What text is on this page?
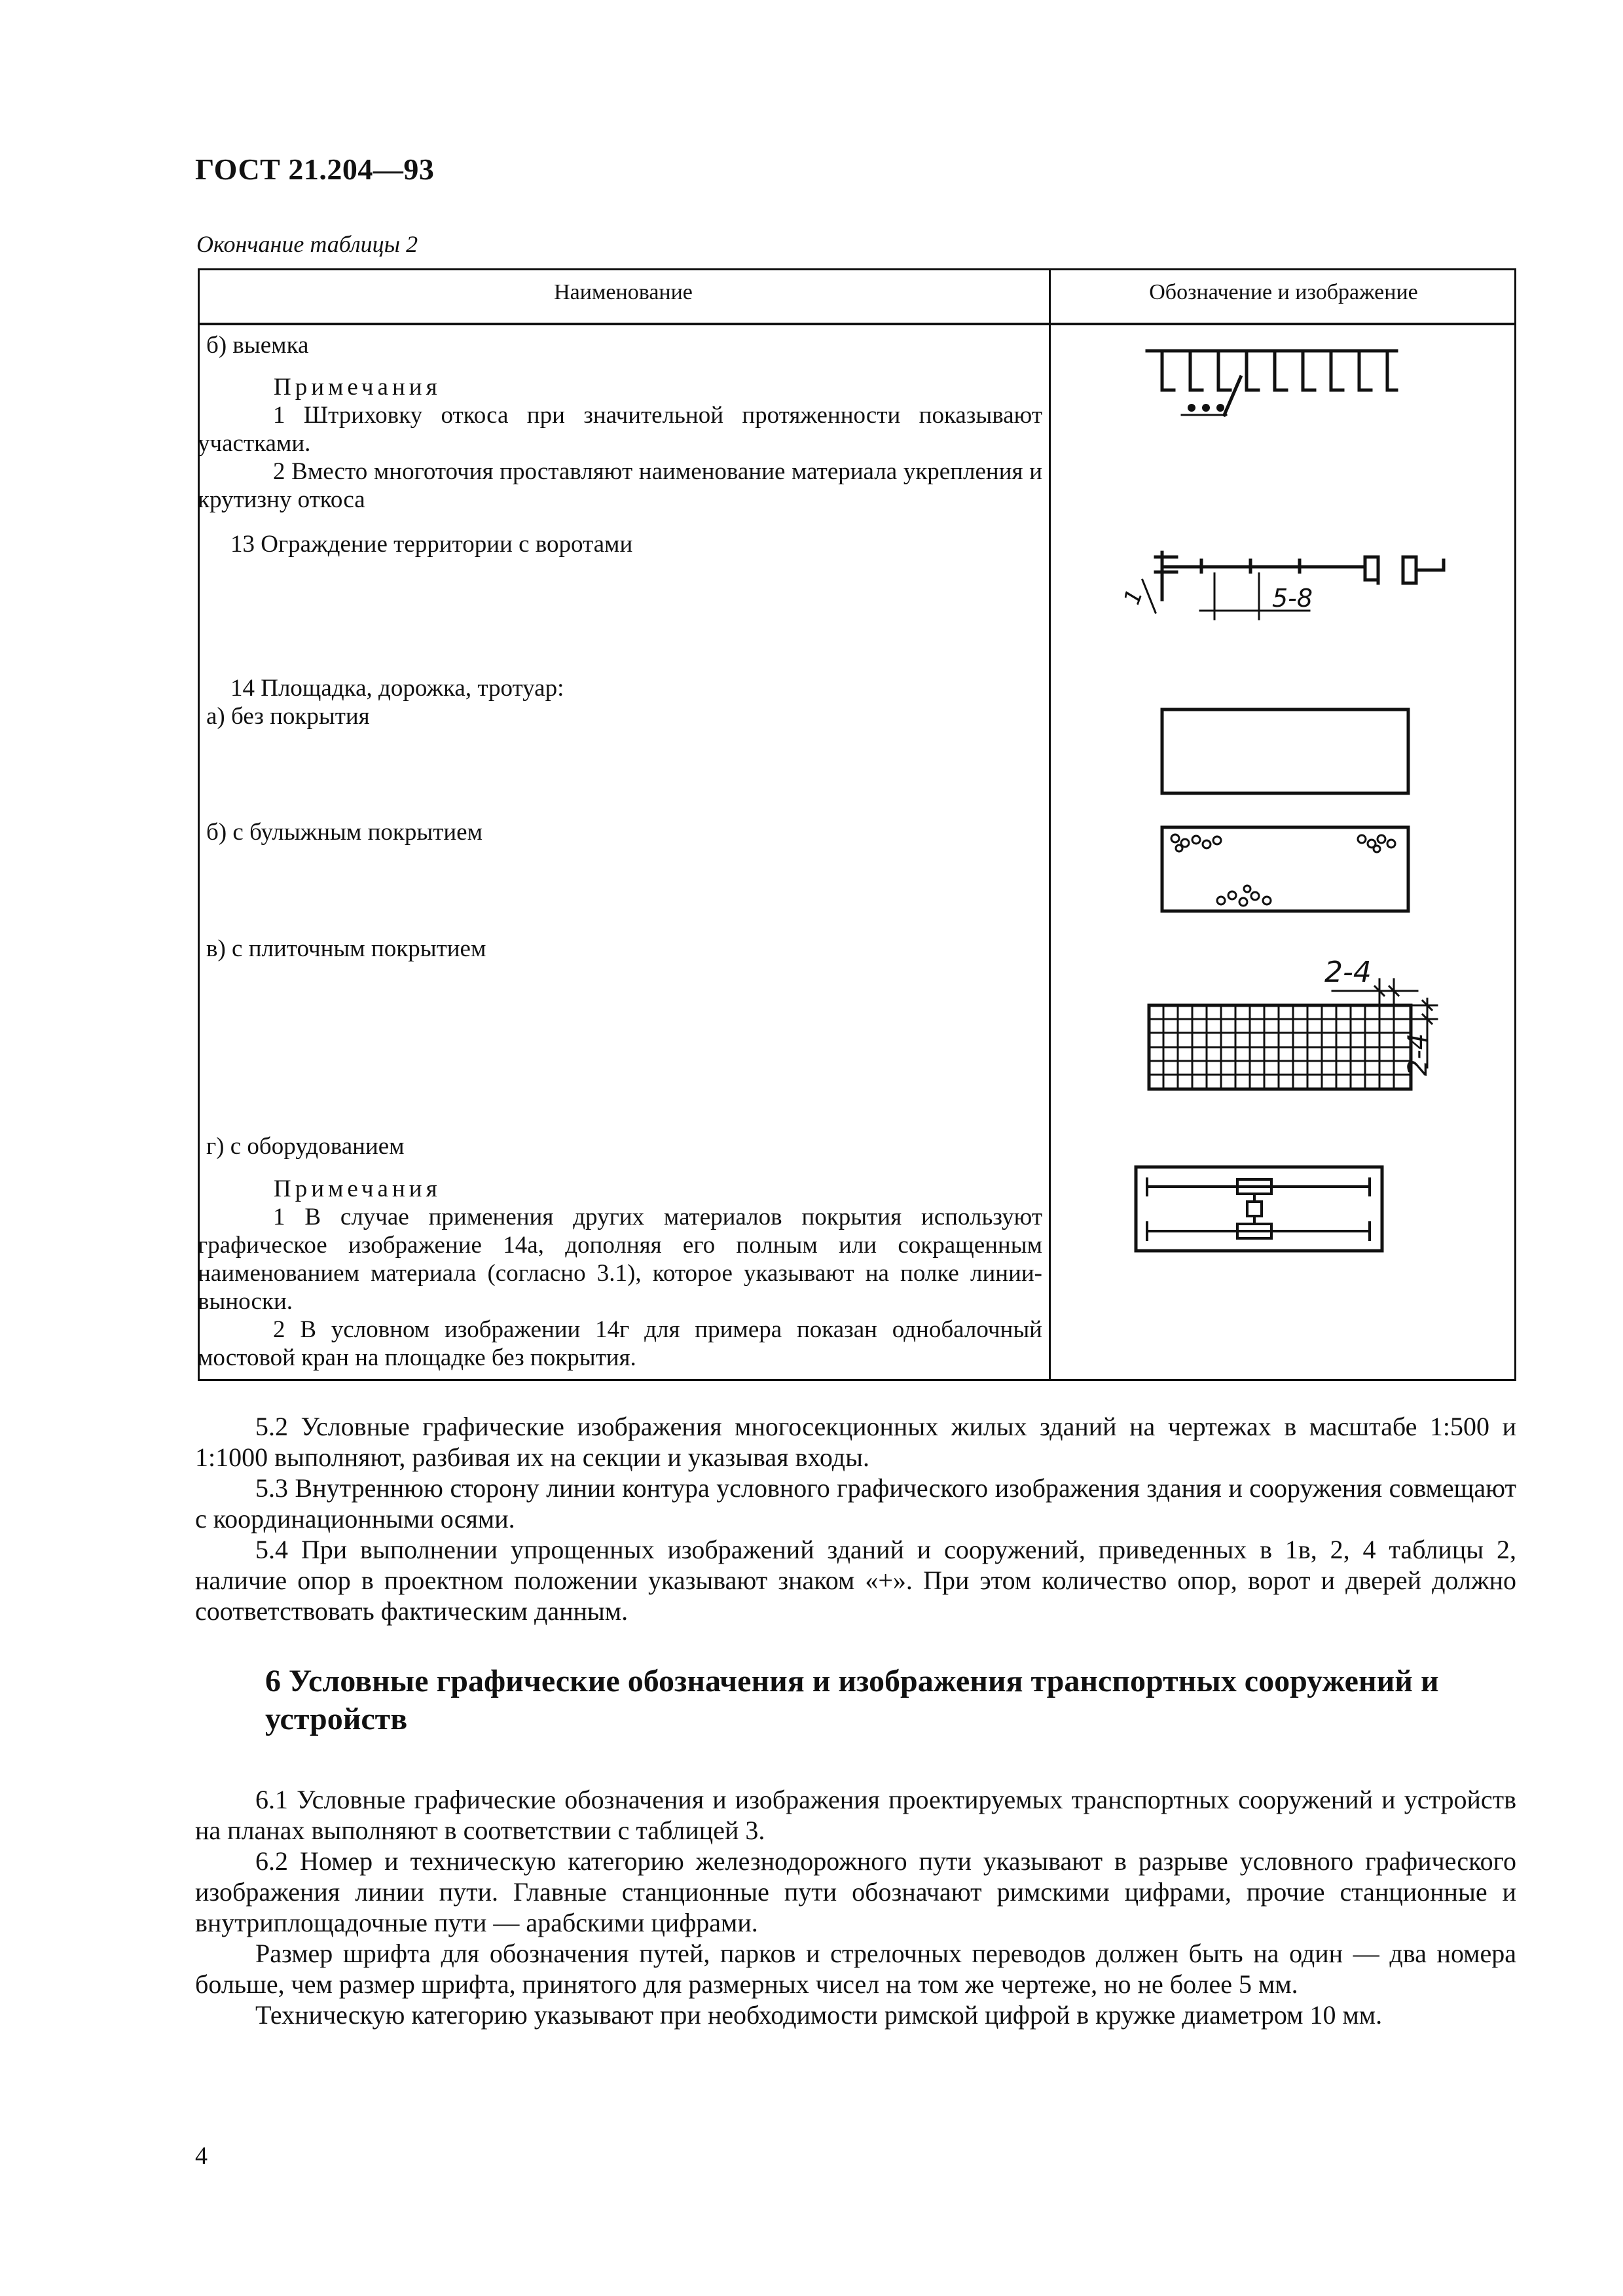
ГОСТ 21.204—93
Окончание таблицы 2
Наименование	Обозначение и изображение
б) выемка
Примечания
1 Штриховку откоса при значительной протяженности показывают участками.
2 Вместо многоточия проставляют наименование материала укрепления и крутизну откоса
13 Ограждение территории с воротами
14 Площадка, дорожка, тротуар:
а) без покрытия
б) с булыжным покрытием
в) с плиточным покрытием
г) с оборудованием
Примечания
1 В случае применения других материалов покрытия используют графическое изображение 14а, дополняя его полным или сокращенным наименованием материала (согласно 3.1), которое указывают на полке линии-выноски.
2 В условном изображении 14г для примера показан однобалочный мостовой кран на площадке без покрытия.
1	5-8
2-4
2-4

5.2 Условные графические изображения многосекционных жилых зданий на чертежах в масштабе 1:500 и 1:1000 выполняют, разбивая их на секции и указывая входы.

5.3 Внутреннюю сторону линии контура условного графического изображения здания и сооружения совмещают с координационными осями.

5.4 При выполнении упрощенных изображений зданий и сооружений, приведенных в 1в, 2, 4 таблицы 2, наличие опор в проектном положении указывают знаком «+». При этом количество опор, ворот и дверей должно соответствовать фактическим данным.

6 Условные графические обозначения и изображения транспортных сооружений и устройств

6.1 Условные графические обозначения и изображения проектируемых транспортных сооружений и устройств на планах выполняют в соответствии с таблицей 3.

6.2 Номер и техническую категорию железнодорожного пути указывают в разрыве условного графического изображения линии пути. Главные станционные пути обозначают римскими цифрами, прочие станционные и внутриплощадочные пути — арабскими цифрами.

Размер шрифта для обозначения путей, парков и стрелочных переводов должен быть на один — два номера больше, чем размер шрифта, принятого для размерных чисел на том же чертеже, но не более 5 мм.

Техническую категорию указывают при необходимости римской цифрой в кружке диаметром 10 мм.

4
